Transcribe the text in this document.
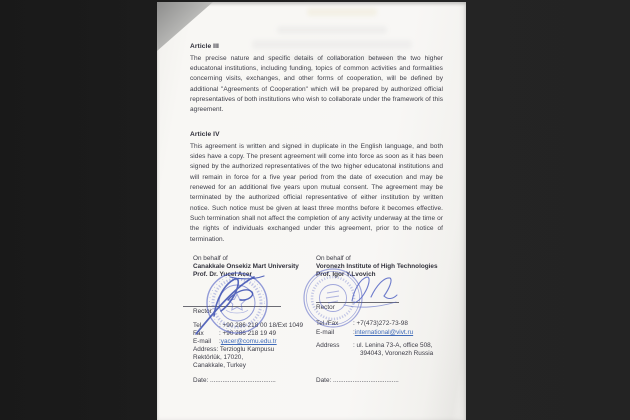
Article III

The precise nature and specific details of collaboration between the two higher educatonal institutions, including funding, topics of common activities and formalities concerning visits, exchanges, and other forms of cooperation, will be defined by additional "Agreements of Cooperation" which will be prepared by authorized official representatives of both institutions who wish to collaborate under the framework of this agreement.

Article IV

This agreement is written and signed in duplicate in the English language, and both sides have a copy. The present agreement will come into force as soon as it has been signed by the authorized representatives of the two higher educatonal institutions and will remain in force for a five year period from the date of execution and may be renewed for an additional five years upon mutual consent. The agreement may be terminated by the authorized official representative of either institution by written notice. Such notice must be given at least three months before it becomes effective. Such termination shall not affect the completion of any activity underway at the time or the rights of individuals exchanged under this agreement, prior to the notice of termination.

On behalf of
Canakkale Onsekiz Mart University
Prof. Dr. Yucel Acer
Rector
Tel	: +90 286 218 00 18/Ext 1049
Fax	: +90 286 218 19 49
E-mail	: yacer@comu.edu.tr
Address: Terzioglu Kampusu
Rektörlük, 17020,
Canakkale, Turkey
Date: .....................................
On behalf of
Voronezh Institute of High Technologies
Prof. Igor Y.Lvovich
Rector
Tel./Fax	: +7(473)272-73-98
E-mail	: international@vivt.ru
Address	: ul. Lenina 73-A, office 508,
394043, Voronezh Russia
Date: .....................................
